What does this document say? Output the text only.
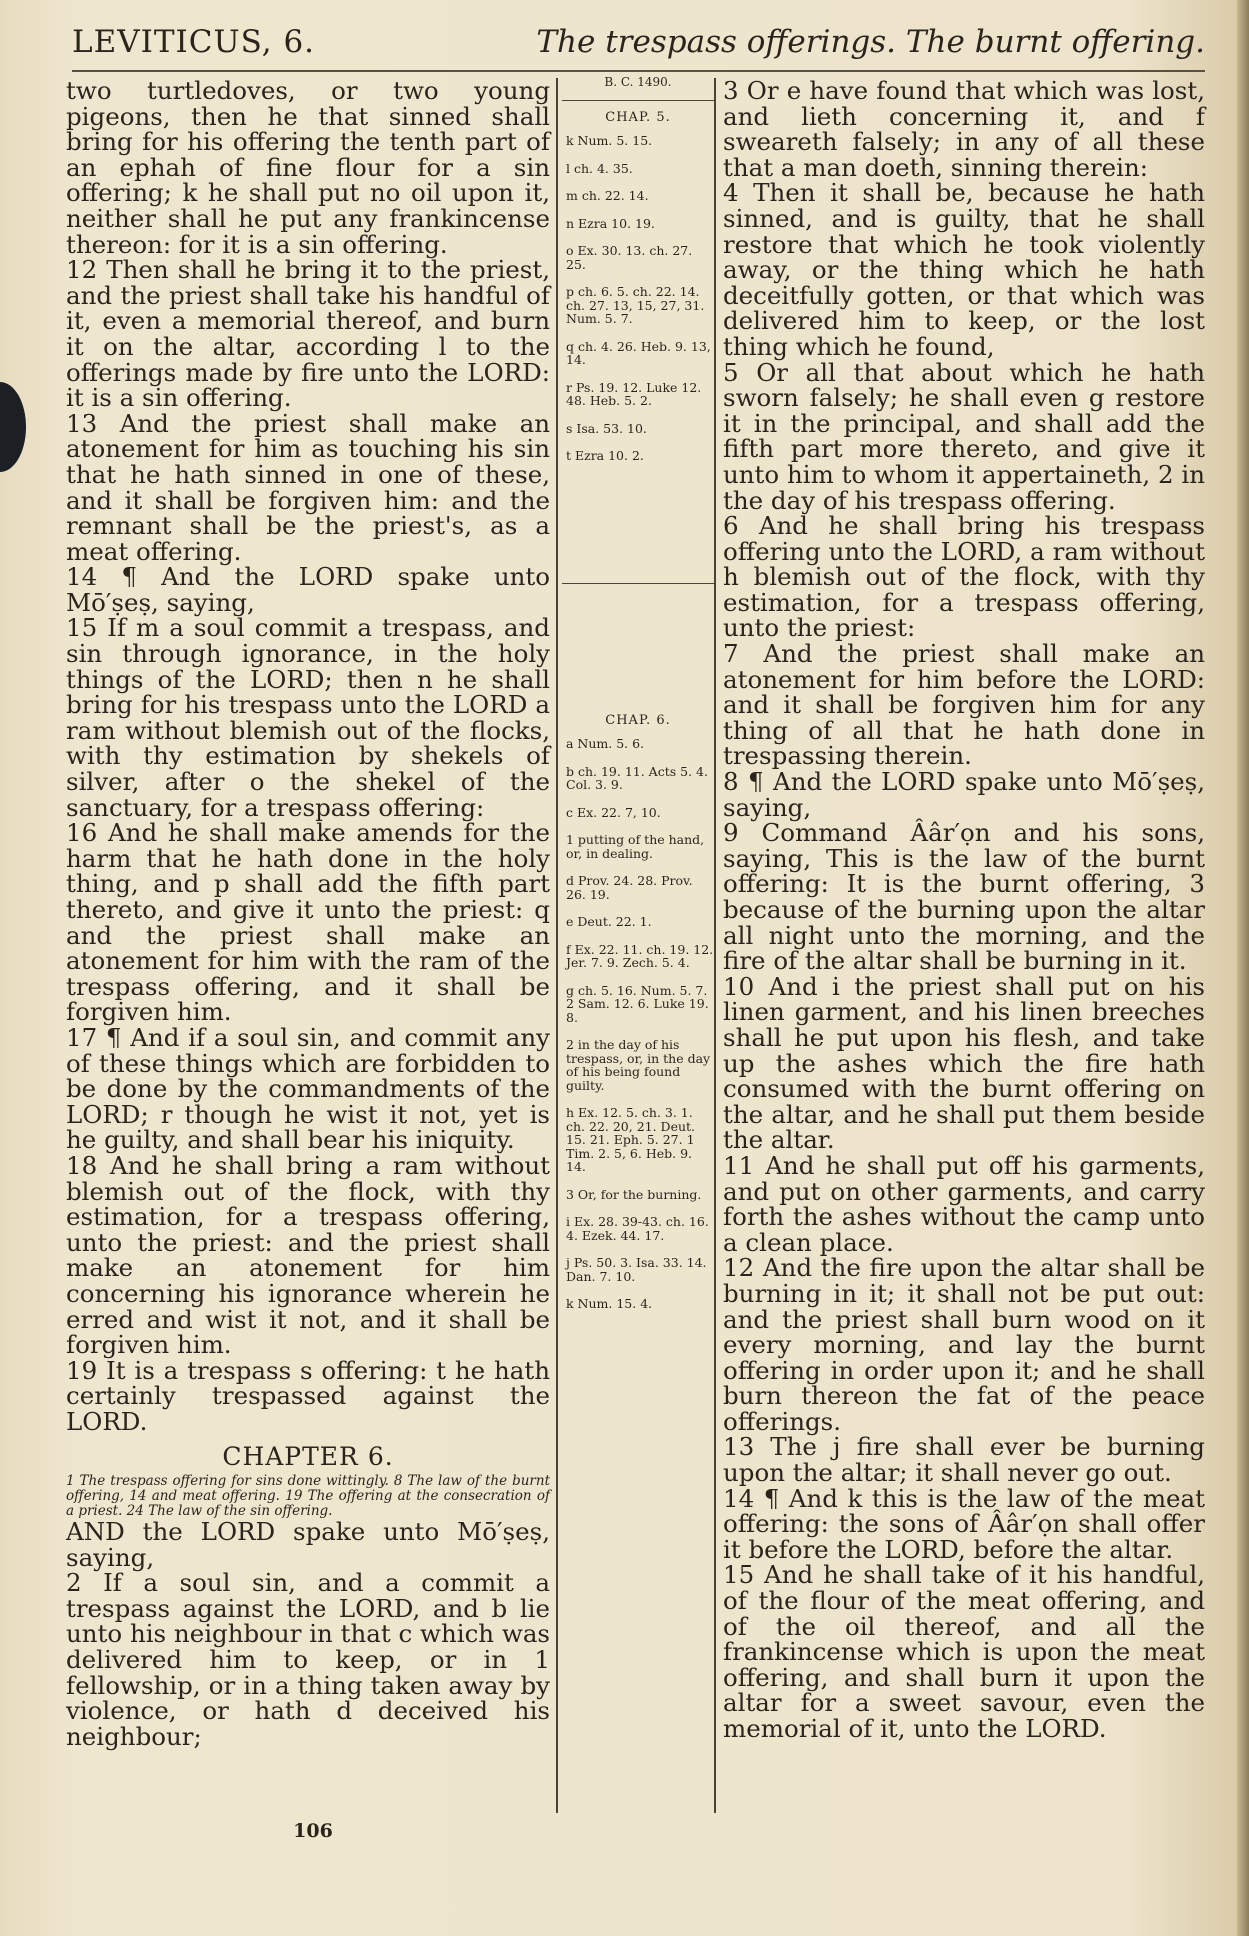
LEVITICUS, 6.	The trespass offerings. The burnt offering.

two turtledoves, or two young pigeons, then he that sinned shall bring for his offering the tenth part of an ephah of fine flour for a sin offering; k he shall put no oil upon it, neither shall he put any frankincense thereon: for it is a sin offering.

12 Then shall he bring it to the priest, and the priest shall take his handful of it, even a memorial thereof, and burn it on the altar, according l to the offerings made by fire unto the LORD: it is a sin offering.

13 And the priest shall make an atonement for him as touching his sin that he hath sinned in one of these, and it shall be forgiven him: and the remnant shall be the priest's, as a meat offering.

14 ¶ And the LORD spake unto Mō′ṣeṣ, saying,

15 If m a soul commit a trespass, and sin through ignorance, in the holy things of the LORD; then n he shall bring for his trespass unto the LORD a ram without blemish out of the flocks, with thy estimation by shekels of silver, after o the shekel of the sanctuary, for a trespass offering:

16 And he shall make amends for the harm that he hath done in the holy thing, and p shall add the fifth part thereto, and give it unto the priest: q and the priest shall make an atonement for him with the ram of the trespass offering, and it shall be forgiven him.

17 ¶ And if a soul sin, and commit any of these things which are forbidden to be done by the commandments of the LORD; r though he wist it not, yet is he guilty, and shall bear his iniquity.

18 And he shall bring a ram without blemish out of the flock, with thy estimation, for a trespass offering, unto the priest: and the priest shall make an atonement for him concerning his ignorance wherein he erred and wist it not, and it shall be forgiven him.

19 It is a trespass s offering: t he hath certainly trespassed against the LORD.

CHAPTER 6.

1 The trespass offering for sins done wittingly. 8 The law of the burnt offering, 14 and meat offering. 19 The offering at the consecration of a priest. 24 The law of the sin offering.

AND the LORD spake unto Mō′ṣeṣ, saying,

2 If a soul sin, and a commit a trespass against the LORD, and b lie unto his neighbour in that c which was delivered him to keep, or in 1 fellowship, or in a thing taken away by violence, or hath d deceived his neighbour;

B. C. 1490.
CHAP. 5.
k Num. 5. 15.
l ch. 4. 35.
m ch. 22. 14.
n Ezra 10. 19.
o Ex. 30. 13. ch. 27. 25.
p ch. 6. 5. ch. 22. 14. ch. 27. 13, 15, 27, 31. Num. 5. 7.
q ch. 4. 26. Heb. 9. 13, 14.
r Ps. 19. 12. Luke 12. 48. Heb. 5. 2.
s Isa. 53. 10.
t Ezra 10. 2.
CHAP. 6.
a Num. 5. 6.
b ch. 19. 11. Acts 5. 4. Col. 3. 9.
c Ex. 22. 7, 10.
1 putting of the hand, or, in dealing.
d Prov. 24. 28. Prov. 26. 19.
e Deut. 22. 1.
f Ex. 22. 11. ch. 19. 12. Jer. 7. 9. Zech. 5. 4.
g ch. 5. 16. Num. 5. 7. 2 Sam. 12. 6. Luke 19. 8.
2 in the day of his trespass, or, in the day of his being found guilty.
h Ex. 12. 5. ch. 3. 1. ch. 22. 20, 21. Deut. 15. 21. Eph. 5. 27. 1 Tim. 2. 5, 6. Heb. 9. 14.
3 Or, for the burning.
i Ex. 28. 39-43. ch. 16. 4. Ezek. 44. 17.
j Ps. 50. 3. Isa. 33. 14. Dan. 7. 10.
k Num. 15. 4.

3 Or e have found that which was lost, and lieth concerning it, and f sweareth falsely; in any of all these that a man doeth, sinning therein:

4 Then it shall be, because he hath sinned, and is guilty, that he shall restore that which he took violently away, or the thing which he hath deceitfully gotten, or that which was delivered him to keep, or the lost thing which he found,

5 Or all that about which he hath sworn falsely; he shall even g restore it in the principal, and shall add the fifth part more thereto, and give it unto him to whom it appertaineth, 2 in the day of his trespass offering.

6 And he shall bring his trespass offering unto the LORD, a ram without h blemish out of the flock, with thy estimation, for a trespass offering, unto the priest:

7 And the priest shall make an atonement for him before the LORD: and it shall be forgiven him for any thing of all that he hath done in trespassing therein.

8 ¶ And the LORD spake unto Mō′ṣeṣ, saying,

9 Command Ââr′ọn and his sons, saying, This is the law of the burnt offering: It is the burnt offering, 3 because of the burning upon the altar all night unto the morning, and the fire of the altar shall be burning in it.

10 And i the priest shall put on his linen garment, and his linen breeches shall he put upon his flesh, and take up the ashes which the fire hath consumed with the burnt offering on the altar, and he shall put them beside the altar.

11 And he shall put off his garments, and put on other garments, and carry forth the ashes without the camp unto a clean place.

12 And the fire upon the altar shall be burning in it; it shall not be put out: and the priest shall burn wood on it every morning, and lay the burnt offering in order upon it; and he shall burn thereon the fat of the peace offerings.

13 The j fire shall ever be burning upon the altar; it shall never go out.

14 ¶ And k this is the law of the meat offering: the sons of Ââr′ọn shall offer it before the LORD, before the altar.

15 And he shall take of it his handful, of the flour of the meat offering, and of the oil thereof, and all the frankincense which is upon the meat offering, and shall burn it upon the altar for a sweet savour, even the memorial of it, unto the LORD.

106
